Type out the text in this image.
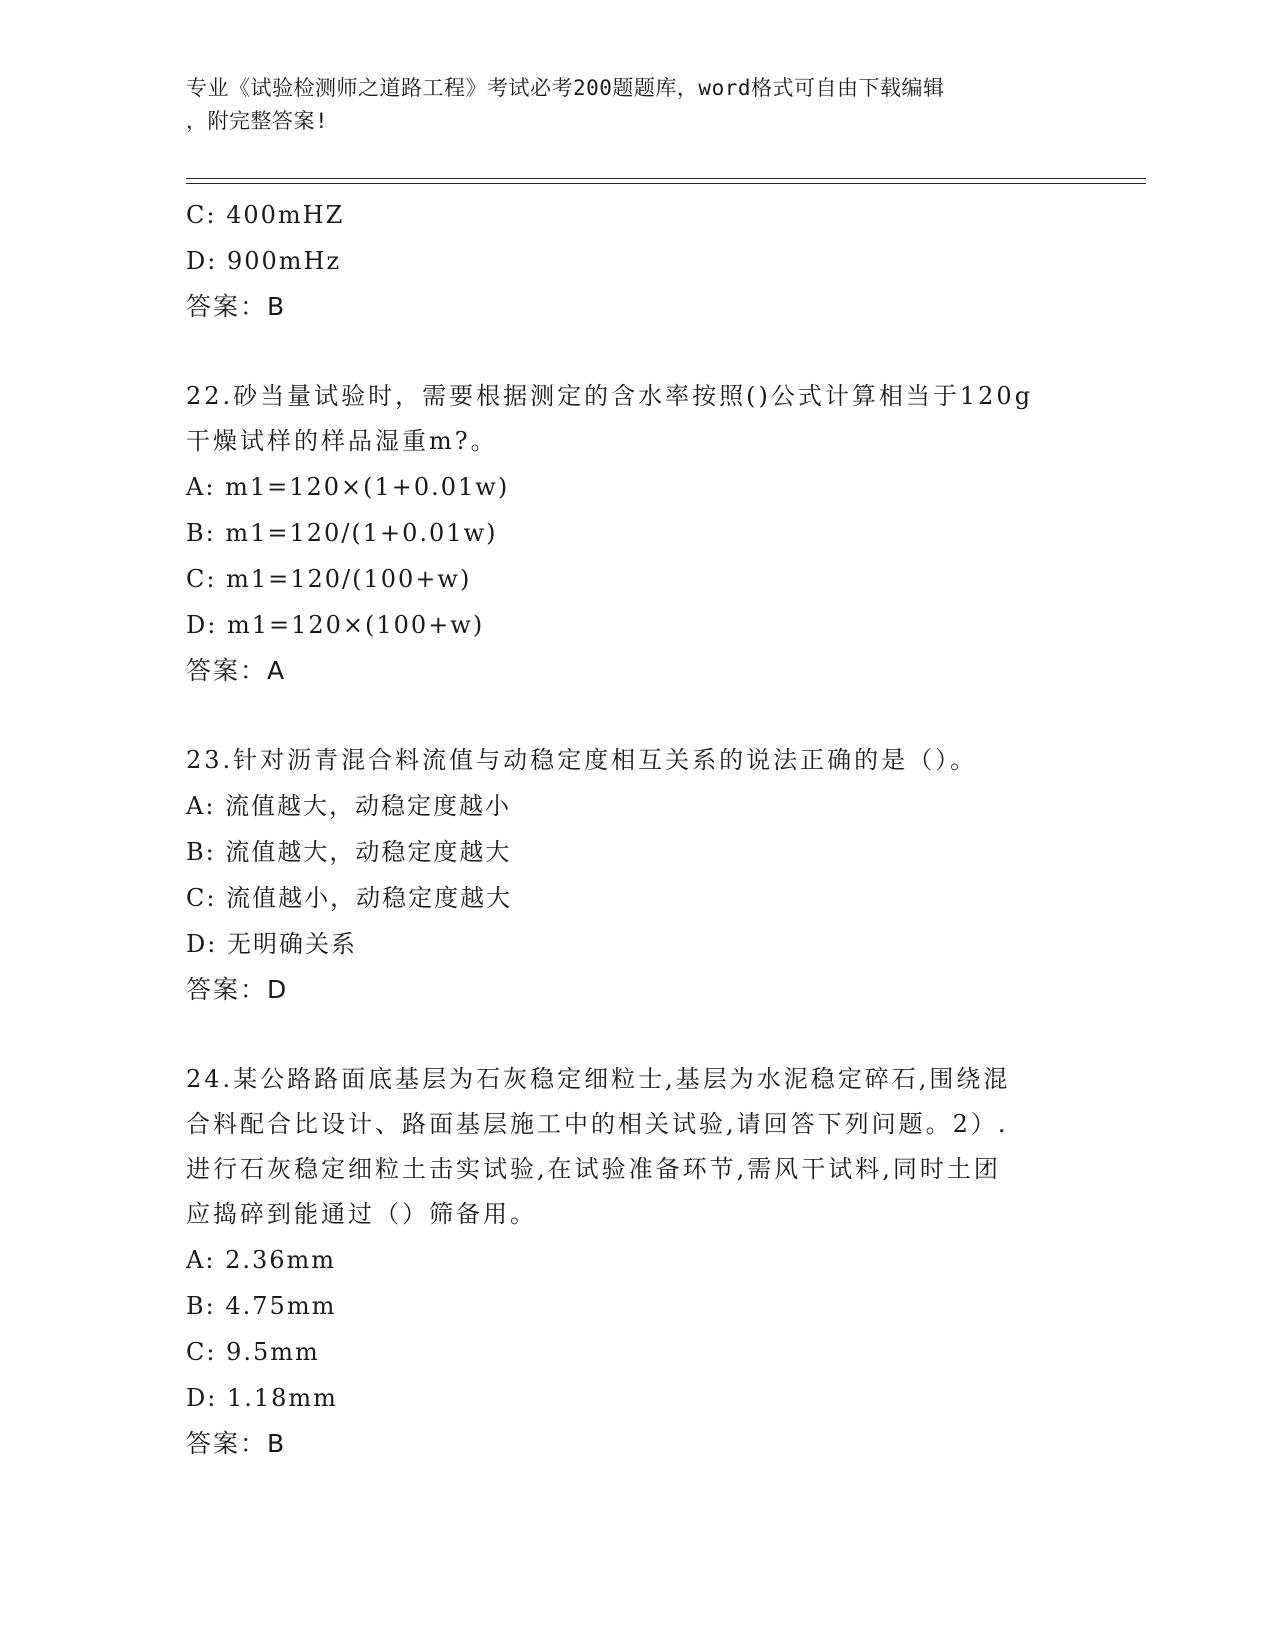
专业《试验检测师之道路工程》考试必考200题题库，word格式可自由下载编辑
，附完整答案!
C: 400mHZ
D: 900mHz
答案：B
22.砂当量试验时，需要根据测定的含水率按照()公式计算相当于120g
干燥试样的样品湿重m?。
A: m1=120×(1+0.01w)
B: m1=120/(1+0.01w)
C: m1=120/(100+w)
D: m1=120×(100+w)
答案：A
23.针对沥青混合料流值与动稳定度相互关系的说法正确的是（）。
A: 流值越大，动稳定度越小
B: 流值越大，动稳定度越大
C: 流值越小，动稳定度越大
D: 无明确关系
答案：D
24.某公路路面底基层为石灰稳定细粒士,基层为水泥稳定碎石,围绕混
合料配合比设计、路面基层施工中的相关试验,请回答下列问题。2）.
进行石灰稳定细粒土击实试验,在试验准备环节,需风干试料,同时土团
应捣碎到能通过（）筛备用。
A: 2.36mm
B: 4.75mm
C: 9.5mm
D: 1.18mm
答案：B
